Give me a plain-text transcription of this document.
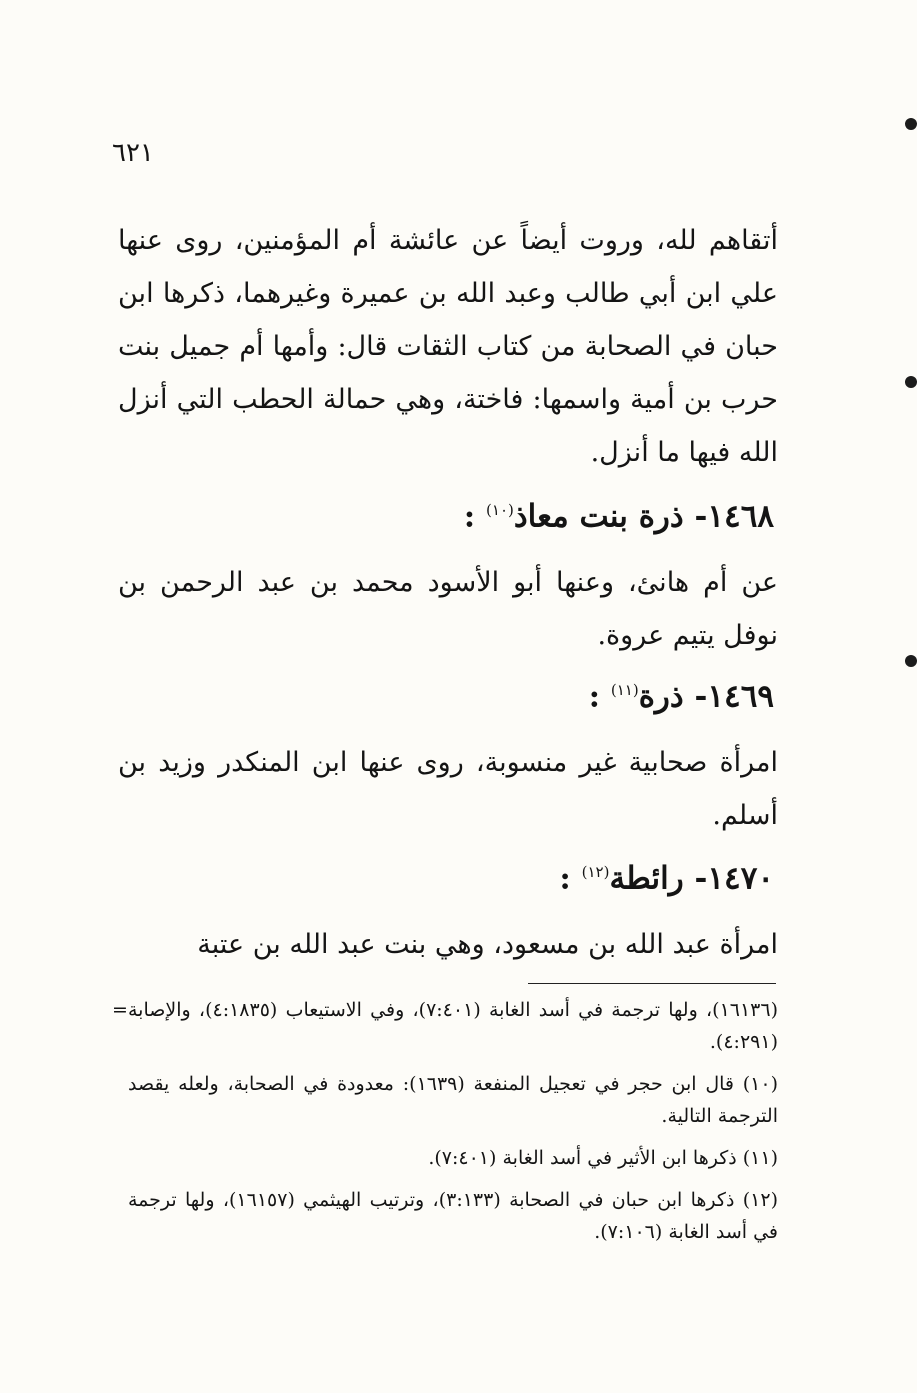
٦٢١

أتقاهم لله، وروت أيضاً عن عائشة أم المؤمنين، روى عنها علي ابن أبي طالب وعبد الله بن عميرة وغيرهما، ذكرها ابن حبان في الصحابة من كتاب الثقات قال: وأمها أم جميل بنت حرب بن أمية واسمها: فاختة، وهي حمالة الحطب التي أنزل الله فيها ما أنزل.

١٤٦٨- ذرة بنت معاذ$^{(١٠)}$ :

عن أم هانئ، وعنها أبو الأسود محمد بن عبد الرحمن بن نوفل يتيم عروة.

١٤٦٩- ذرة$^{(١١)}$ :

امرأة صحابية غير منسوبة، روى عنها ابن المنكدر وزيد بن أسلم.

١٤٧٠- رائطة$^{(١٢)}$ :

امرأة عبد الله بن مسعود، وهي بنت عبد الله بن عتبة

= (١٦١٣٦)، ولها ترجمة في أسد الغابة (٧:٤٠١)، وفي الاستيعاب (٤:١٨٣٥)، والإصابة (٤:٢٩١).
(١٠) قال ابن حجر في تعجيل المنفعة (١٦٣٩): معدودة في الصحابة، ولعله يقصد الترجمة التالية.
(١١) ذكرها ابن الأثير في أسد الغابة (٧:٤٠١).
(١٢) ذكرها ابن حبان في الصحابة (٣:١٣٣)، وترتيب الهيثمي (١٦١٥٧)، ولها ترجمة في أسد الغابة (٧:١٠٦).
